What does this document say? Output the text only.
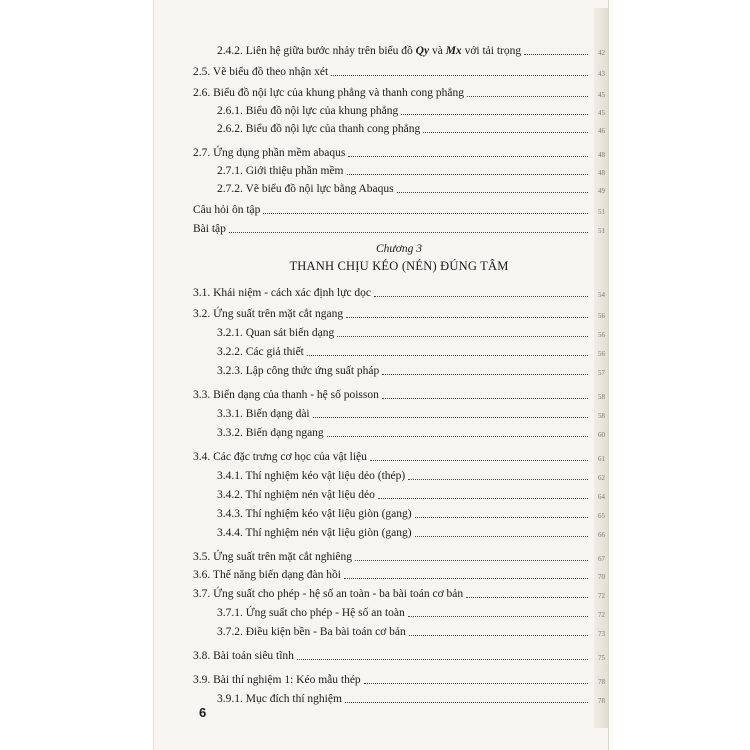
2.4.2. Liên hệ giữa bước nhảy trên biểu đồ Qy và Mx với tải trọng	42
2.5. Vẽ biểu đồ theo nhận xét	43
2.6. Biểu đồ nội lực của khung phẳng và thanh cong phẳng	45
2.6.1. Biểu đồ nội lực của khung phẳng	45
2.6.2. Biểu đồ nội lực của thanh cong phẳng	46
2.7. Ứng dụng phần mềm abaqus	48
2.7.1. Giới thiệu phần mềm	48
2.7.2. Vẽ biểu đồ nội lực bằng Abaqus	49
Câu hỏi ôn tập	51
Bài tập	51
3.1. Khái niệm - cách xác định lực dọc	54
3.2. Ứng suất trên mặt cắt ngang	56
3.2.1. Quan sát biến dạng	56
3.2.2. Các giả thiết	56
3.2.3. Lập công thức ứng suất pháp	57
3.3. Biến dạng của thanh - hệ số poisson	58
3.3.1. Biến dạng dài	58
3.3.2. Biến dạng ngang	60
3.4. Các đặc trưng cơ học của vật liệu	61
3.4.1. Thí nghiệm kéo vật liệu dẻo (thép)	62
3.4.2. Thí nghiệm nén vật liệu dẻo	64
3.4.3. Thí nghiệm kéo vật liệu giòn (gang)	65
3.4.4. Thí nghiệm nén vật liệu giòn (gang)	66
3.5. Ứng suất trên mặt cắt nghiêng	67
3.6. Thế năng biến dạng đàn hồi	70
3.7. Ứng suất cho phép - hệ số an toàn - ba bài toán cơ bản	72
3.7.1. Ứng suất cho phép - Hệ số an toàn	72
3.7.2. Điều kiện bền - Ba bài toán cơ bản	73
3.8. Bài toán siêu tĩnh	75
3.9. Bài thí nghiệm 1: Kéo mẫu thép	78
3.9.1. Mục đích thí nghiệm	78
Chương 3
THANH CHỊU KÉO (NÉN) ĐÚNG TÂM
6
